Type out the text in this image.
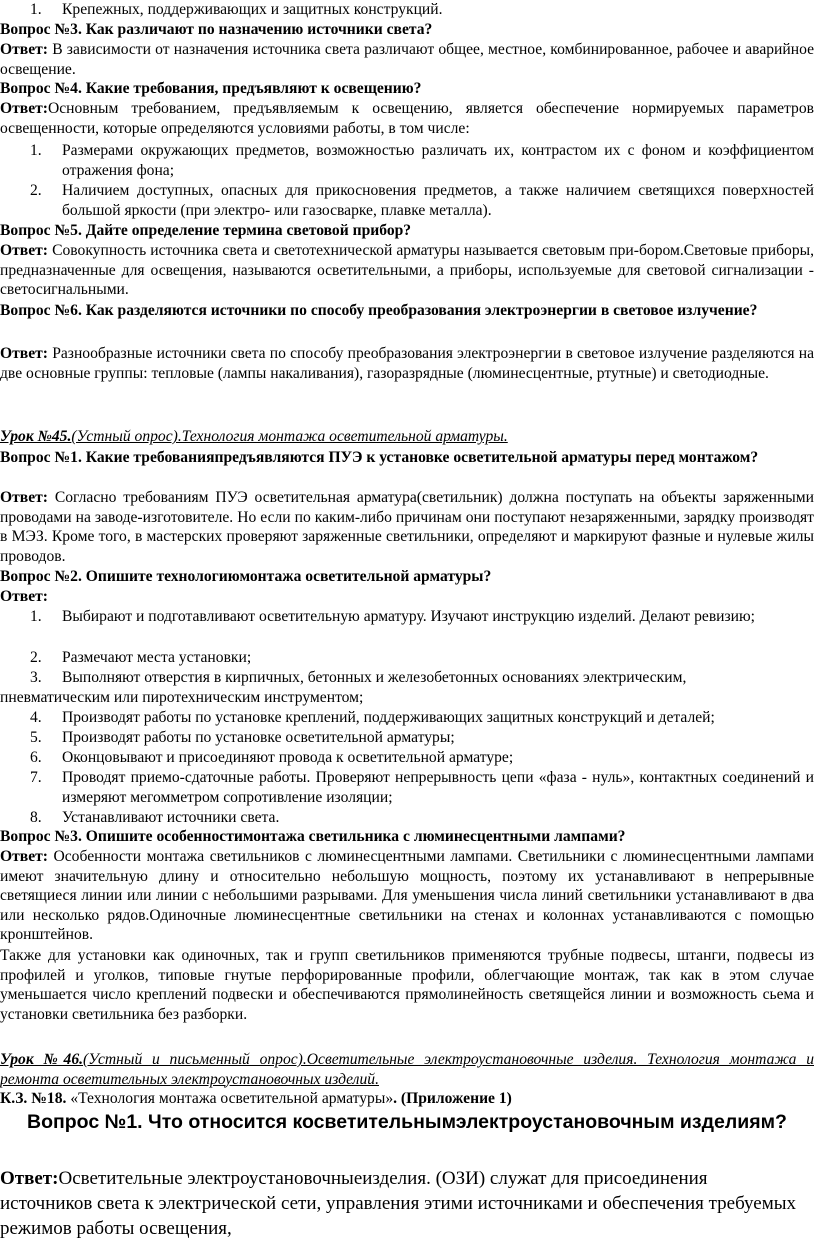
1. Крепежных, поддерживающих и защитных конструкций.

Вопрос №3. Как различают по назначению источники света?

Ответ: В зависимости от назначения источника света различают общее, местное, комбинированное, рабочее и аварийное освещение.

Вопрос №4. Какие требования, предъявляют к освещению?

Ответ:Основным требованием, предъявляемым к освещению, является обеспечение нормируемых параметров освещенности, которые определяются условиями работы, в том числе:

1. Размерами окружающих предметов, возможностью различать их, контрастом их с фоном и коэффициентом отражения фона;
2. Наличием доступных, опасных для прикосновения предметов, а также наличием светящихся поверхностей большой яркости (при электро- или газосварке, плавке металла).

Вопрос №5. Дайте определение термина световой прибор?

Ответ: Совокупность источника света и светотехнической арматуры называется световым при-бором.Световые приборы, предназначенные для освещения, называются осветительными, а приборы, используемые для световой сигнализации - светосигнальными.

Вопрос №6. Как разделяются источники по способу преобразования электроэнергии в световое излучение?

Ответ: Разнообразные источники света по способу преобразования электроэнергии в световое излучение разделяются на две основные группы: тепловые (лампы накаливания), газоразрядные (люминесцентные, ртутные) и светодиодные.

Урок №45.(Устный опрос).Технология монтажа осветительной арматуры.

Вопрос №1. Какие требованияпредъявляются ПУЭ к установке осветительной арматуры перед монтажом?

Ответ: Согласно требованиям ПУЭ осветительная арматура(светильник) должна поступать на объекты заряженными проводами на заводе-изготовителе. Но если по каким-либо причинам они поступают незаряженными, зарядку производят в МЭЗ. Кроме того, в мастерских проверяют заряженные светильники, определяют и маркируют фазные и нулевые жилы проводов.

Вопрос №2. Опишите технологиюмонтажа осветительной арматуры?

Ответ:

1. Выбирают и подготавливают осветительную арматуру. Изучают инструкцию изделий. Делают ревизию;
2. Размечают места установки;
3. Выполняют отверстия в кирпичных, бетонных и железобетонных основаниях электрическим,

пневматическим или пиротехническим инструментом;

4. Производят работы по установке креплений, поддерживающих защитных конструкций и деталей;
5. Производят работы по установке осветительной арматуры;
6. Оконцовывают и присоединяют провода к осветительной арматуре;
7. Проводят приемо-сдаточные работы. Проверяют непрерывность цепи «фаза - нуль», контактных соединений и измеряют мегомметром сопротивление изоляции;
8. Устанавливают источники света.

Вопрос №3. Опишите особенностимонтажа светильника с люминесцентными лампами?

Ответ: Особенности монтажа светильников с люминесцентными лампами. Светильники с люминесцентными лампами имеют значительную длину и относительно небольшую мощность, поэтому их устанавливают в непрерывные светящиеся линии или линии с небольшими разрывами. Для уменьшения числа линий светильники устанавливают в два или несколько рядов.Одиночные люминесцентные светильники на стенах и колоннах устанавливаются с помощью кронштейнов.

Также для установки как одиночных, так и групп светильников применяются трубные подвесы, штанги, подвесы из профилей и уголков, типовые гнутые перфорированные профили, облегчающие монтаж, так как в этом случае уменьшается число креплений подвески и обеспечиваются прямолинейность светящейся линии и возможность сьема и установки светильника без разборки.

Урок №46.(Устный и письменный опрос).Осветительные электроустановочные изделия. Технология монтажа и ремонта осветительных электроустановочных изделий.

К.З. №18. «Технология монтажа осветительной арматуры». (Приложение 1)

Вопрос №1. Что относится косветительнымэлектроустановочным изделиям?

Ответ:Осветительные электроустановочныеизделия. (ОЗИ) служат для присоединения источников света к электрической сети, управления этими источниками и обеспечения требуемых режимов работы освещения,
